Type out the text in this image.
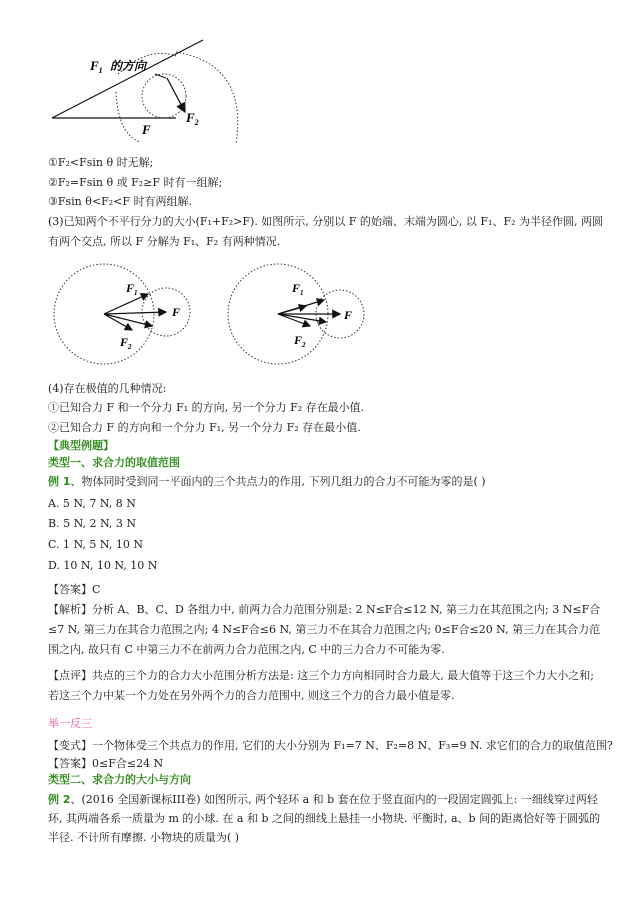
$F_1$ 的方向
F
$F_2$
①F₂<Fsin θ 时无解;
②F₂=Fsin θ 或 F₂≥F 时有一组解;
③Fsin θ<F₂<F 时有两组解.
(3)已知两个不平行分力的大小(F₁+F₂>F). 如图所示, 分别以 F 的始端、末端为圆心, 以 F₁、F₂ 为半径作圆, 两圆有两个交点, 所以 F 分解为 F₁、F₂ 有两种情况.
$F_1$
F
$F_2$
$F_1$
F
$F_2$
(4)存在极值的几种情况:
①已知合力 F 和一个分力 F₁ 的方向, 另一个分力 F₂ 存在最小值.
②已知合力 F 的方向和一个分力 F₁, 另一个分力 F₂ 存在最小值.
【典型例题】
类型一、求合力的取值范围
例 1、物体同时受到同一平面内的三个共点力的作用, 下列几组力的合力不可能为零的是( )
A. 5 N, 7 N, 8 N
B. 5 N, 2 N, 3 N
C. 1 N, 5 N, 10 N
D. 10 N, 10 N, 10 N
【答案】C
【解析】分析 A、B、C、D 各组力中, 前两力合力范围分别是: 2 N≤F合≤12 N, 第三力在其范围之内; 3 N≤F合≤7 N, 第三力在其合力范围之内; 4 N≤F合≤6 N, 第三力不在其合力范围之内; 0≤F合≤20 N, 第三力在其合力范围之内, 故只有 C 中第三力不在前两力合力范围之内, C 中的三力合力不可能为零.
【点评】共点的三个力的合力大小范围分析方法是: 这三个力方向相同时合力最大, 最大值等于这三个力大小之和; 若这三个力中某一个力处在另外两个力的合力范围中, 则这三个力的合力最小值是零.
举一反三
【变式】一个物体受三个共点力的作用, 它们的大小分别为 F₁=7 N、F₂=8 N、F₃=9 N. 求它们的合力的取值范围?
【答案】0≤F合≤24 N
类型二、求合力的大小与方向
例 2、(2016 全国新课标III卷) 如图所示, 两个轻环 a 和 b 套在位于竖直面内的一段固定圆弧上: 一细线穿过两轻环, 其两端各系一质量为 m 的小球. 在 a 和 b 之间的细线上悬挂一小物块. 平衡时, a、b 间的距离恰好等于圆弧的半径. 不计所有摩擦. 小物块的质量为( )
